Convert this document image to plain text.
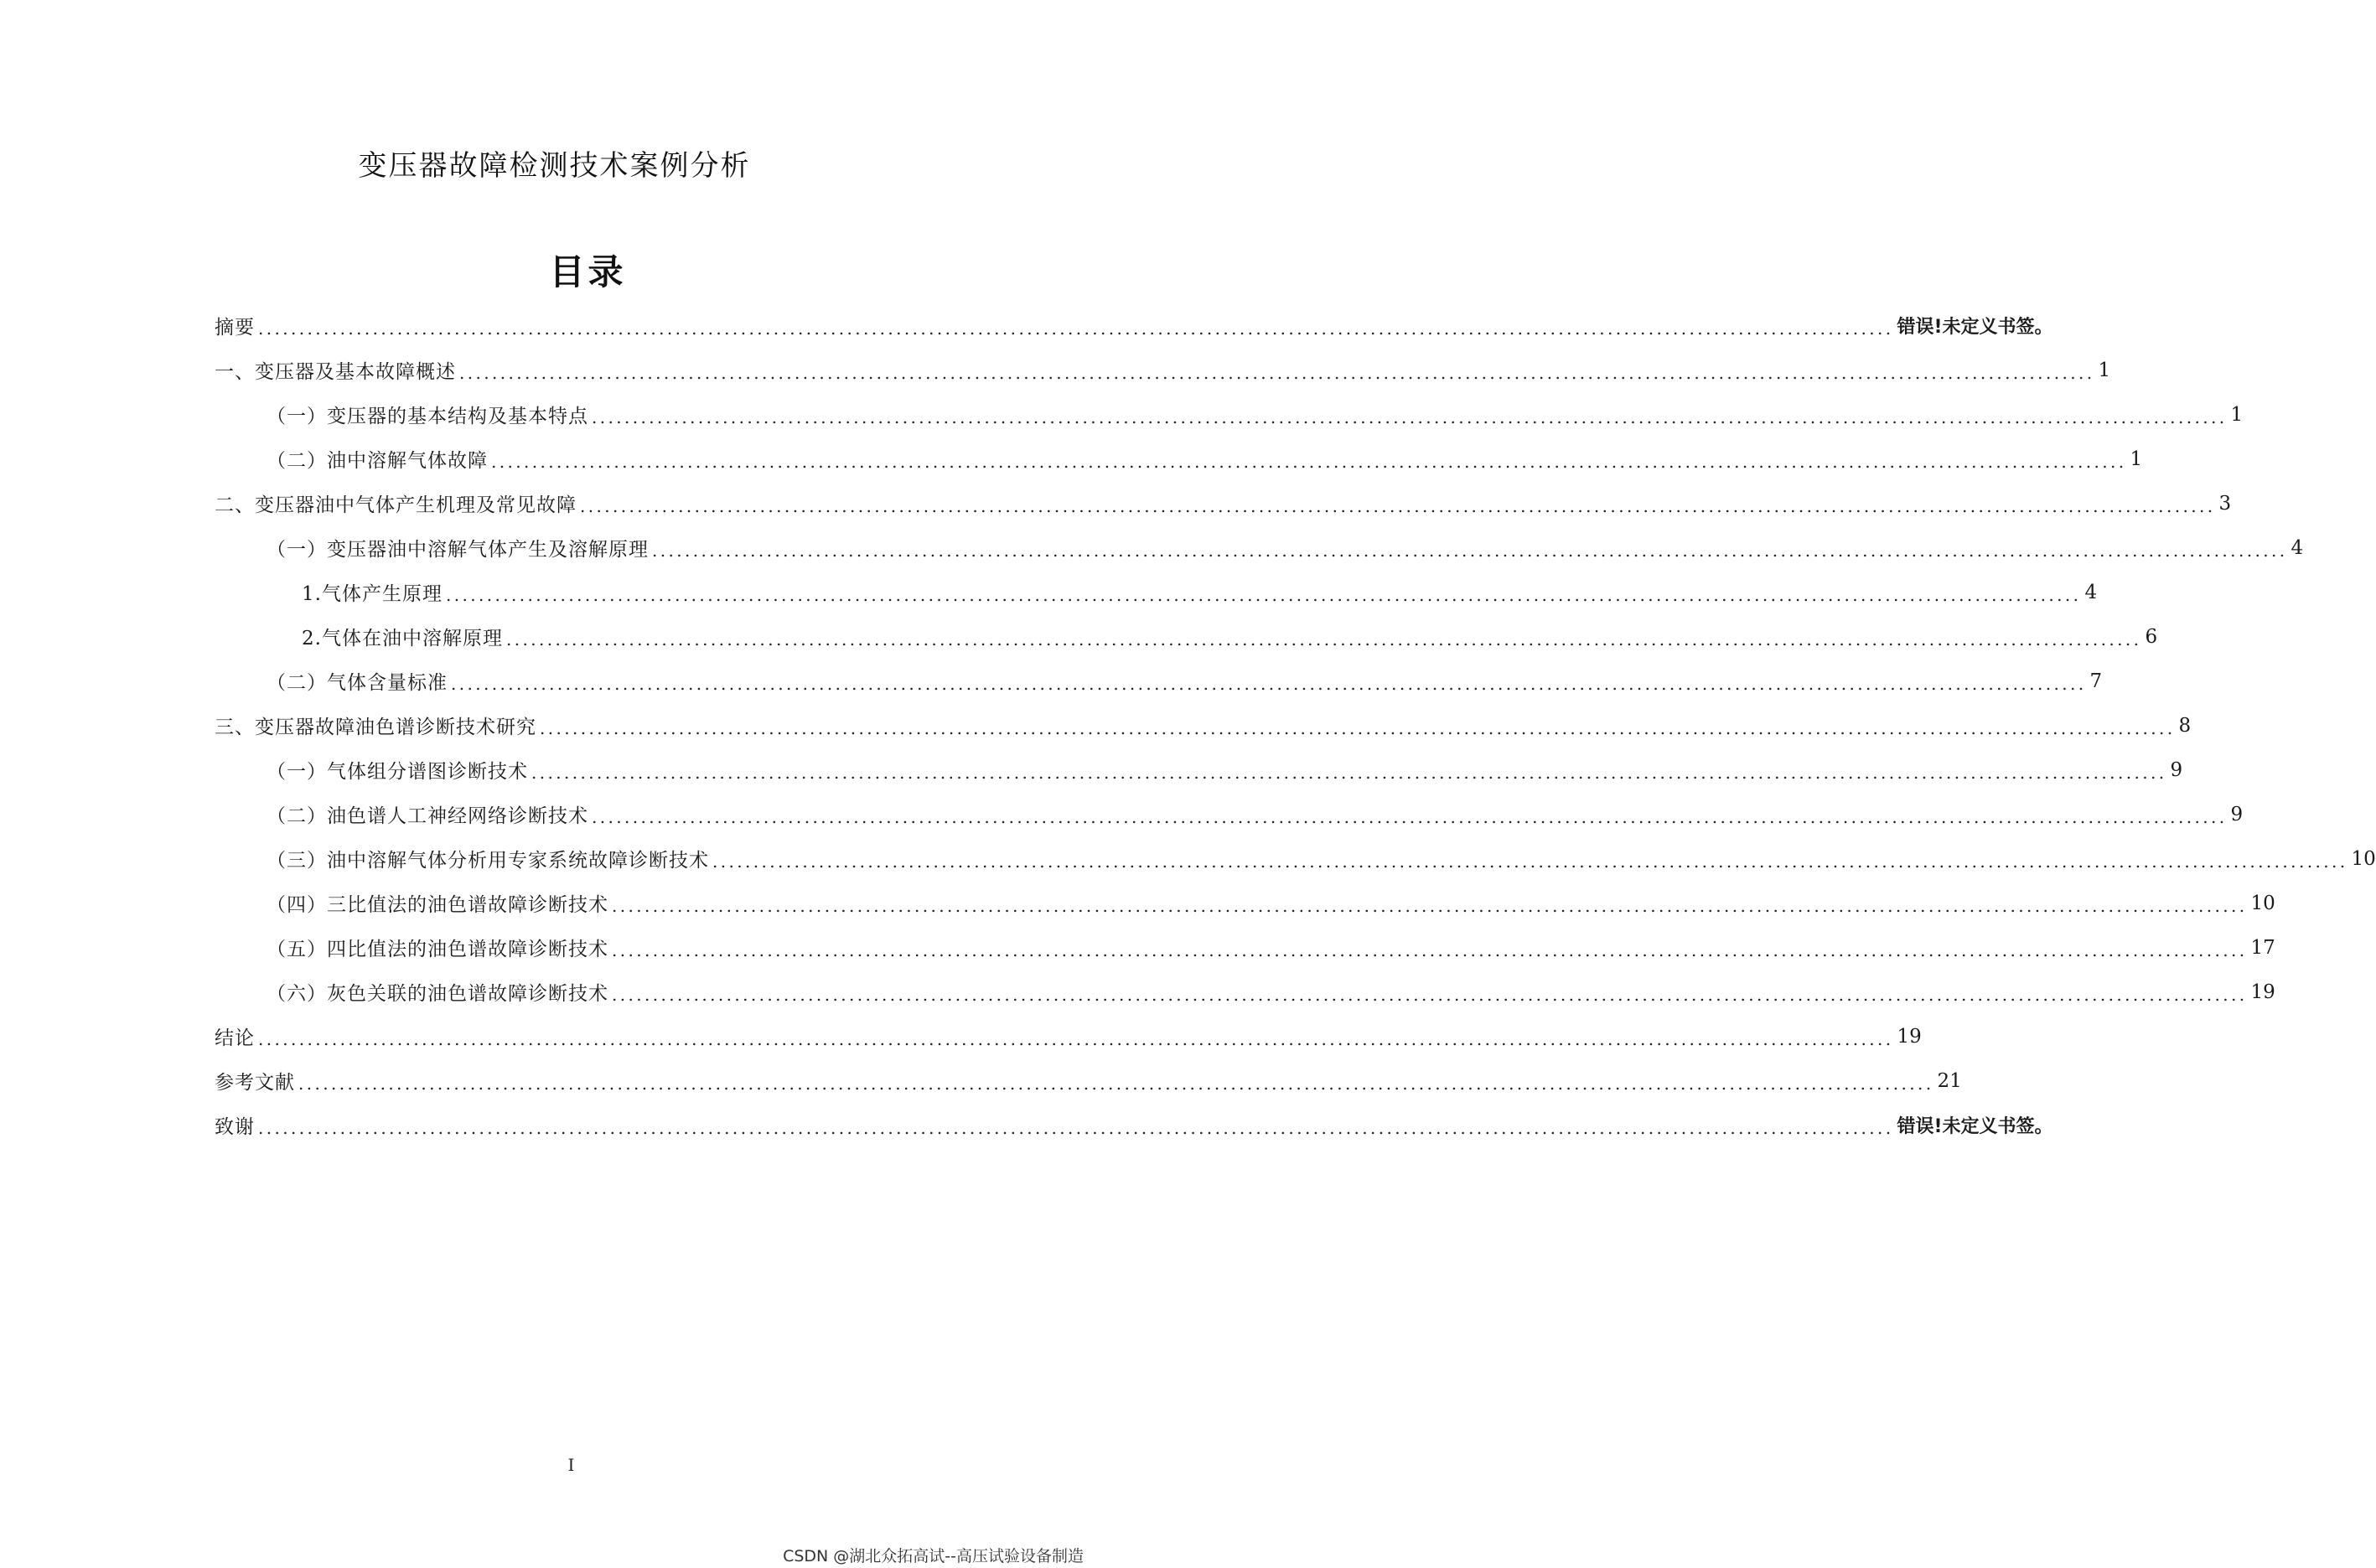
变压器故障检测技术案例分析
目录
摘要 ........................................................................................................................................................................................................ 错误!未定义书签。
一、变压器及基本故障概述 ........................................................................................................................................................................................................ 1
（一）变压器的基本结构及基本特点 ........................................................................................................................................................................................................ 1
（二）油中溶解气体故障 ........................................................................................................................................................................................................ 1
二、变压器油中气体产生机理及常见故障 ........................................................................................................................................................................................................ 3
（一）变压器油中溶解气体产生及溶解原理 ........................................................................................................................................................................................................ 4
1.气体产生原理 ........................................................................................................................................................................................................ 4
2.气体在油中溶解原理 ........................................................................................................................................................................................................ 6
（二）气体含量标准 ........................................................................................................................................................................................................ 7
三、变压器故障油色谱诊断技术研究 ........................................................................................................................................................................................................ 8
（一）气体组分谱图诊断技术 ........................................................................................................................................................................................................ 9
（二）油色谱人工神经网络诊断技术 ........................................................................................................................................................................................................ 9
（三）油中溶解气体分析用专家系统故障诊断技术 ........................................................................................................................................................................................................ 10
（四）三比值法的油色谱故障诊断技术 ........................................................................................................................................................................................................ 10
（五）四比值法的油色谱故障诊断技术 ........................................................................................................................................................................................................ 17
（六）灰色关联的油色谱故障诊断技术 ........................................................................................................................................................................................................ 19
结论 ........................................................................................................................................................................................................ 19
参考文献 ........................................................................................................................................................................................................ 21
致谢 ........................................................................................................................................................................................................ 错误!未定义书签。
I
CSDN @湖北众拓高试--高压试验设备制造
